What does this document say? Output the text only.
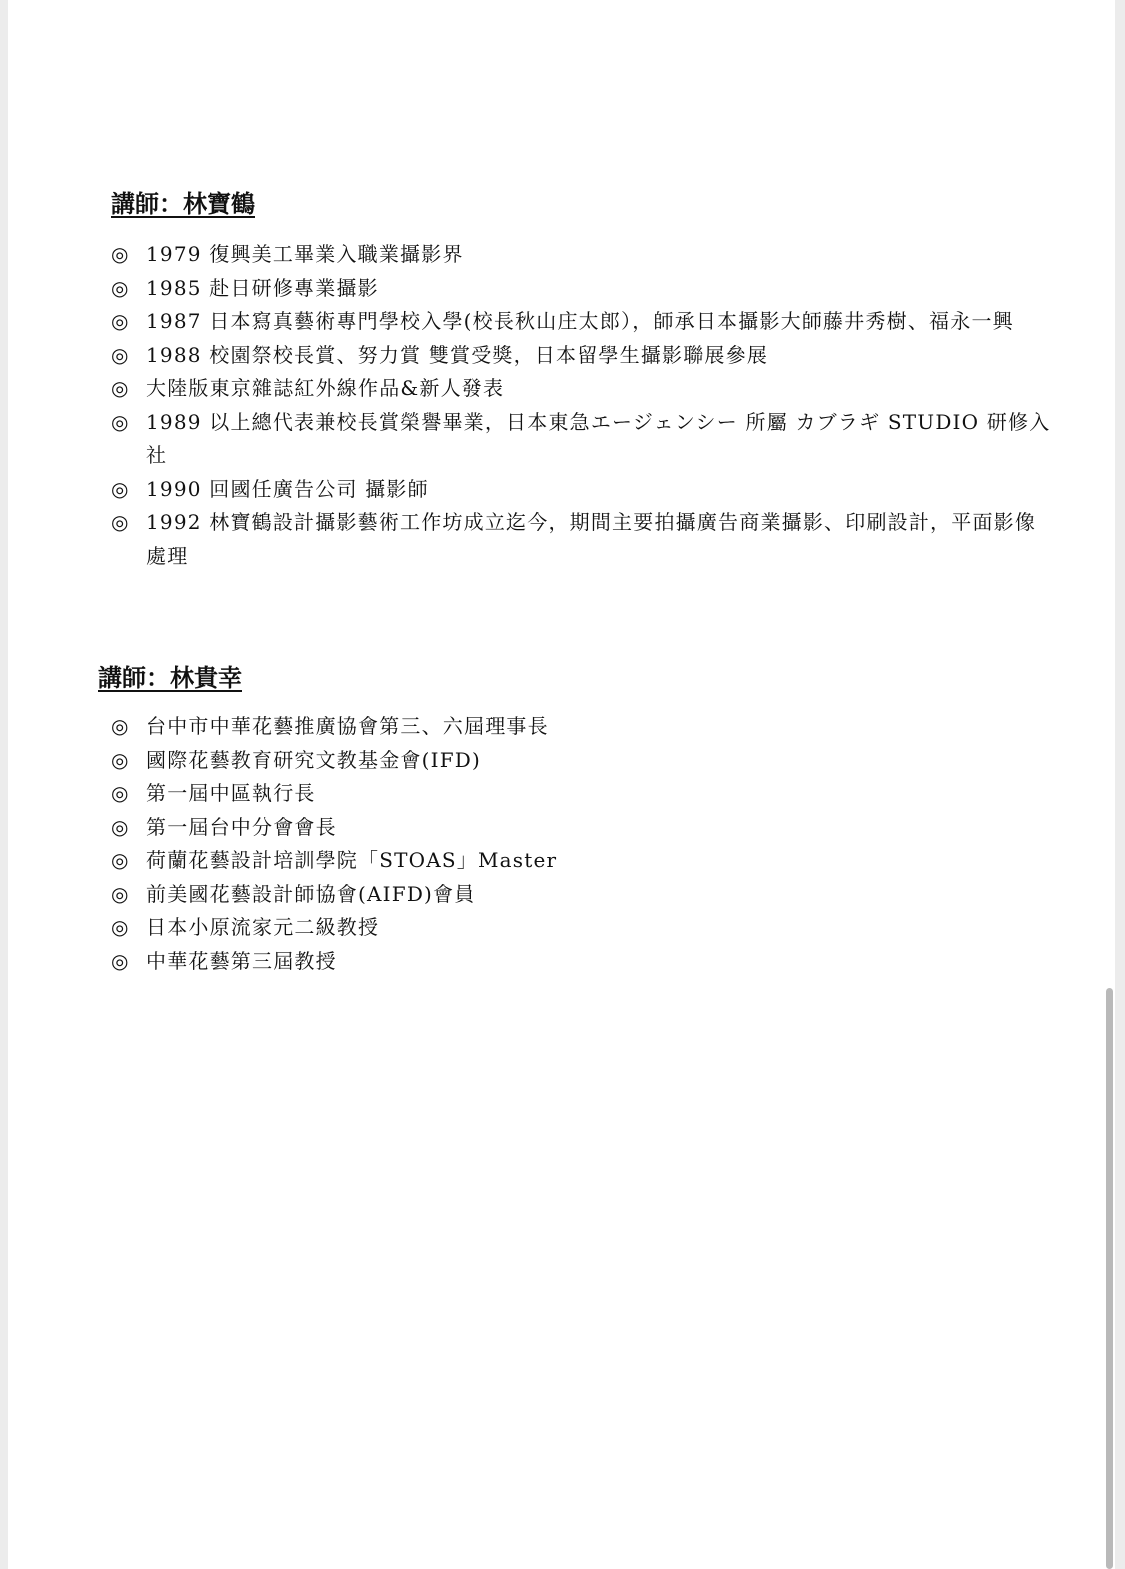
講師：林寶鶴
◎ 1979 復興美工畢業入職業攝影界
◎ 1985 赴日研修專業攝影
◎ 1987 日本寫真藝術專門學校入學(校長秋山庄太郎），師承日本攝影大師藤井秀樹、福永一興
◎ 1988 校園祭校長賞、努力賞 雙賞受獎，日本留學生攝影聯展參展
◎ 大陸版東京雜誌紅外線作品&新人發表
◎ 1989 以上總代表兼校長賞榮譽畢業，日本東急エージェンシー 所屬 カブラギ STUDIO 研修入社
◎ 1990 回國任廣告公司 攝影師
◎ 1992 林寶鶴設計攝影藝術工作坊成立迄今，期間主要拍攝廣告商業攝影、印刷設計，平面影像處理
講師：林貴幸
◎ 台中市中華花藝推廣協會第三、六屆理事長
◎ 國際花藝教育研究文教基金會(IFD)
◎ 第一屆中區執行長
◎ 第一屆台中分會會長
◎ 荷蘭花藝設計培訓學院「STOAS」Master
◎ 前美國花藝設計師協會(AIFD)會員
◎ 日本小原流家元二級教授
◎ 中華花藝第三屆教授
